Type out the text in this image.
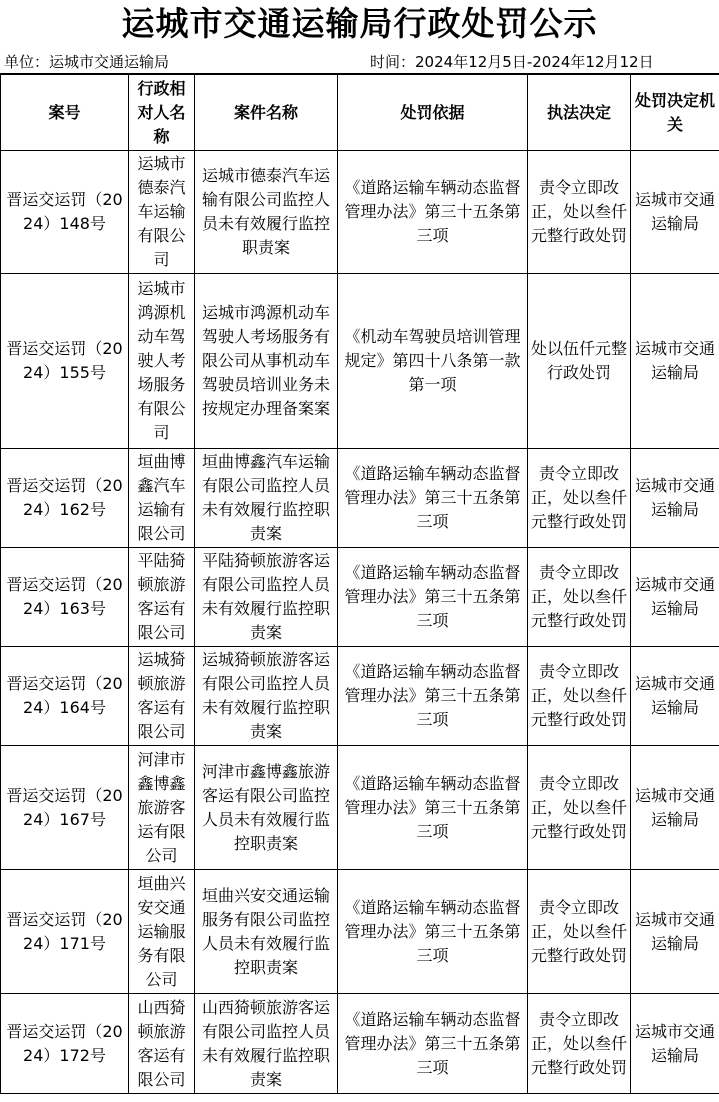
运城市交通运输局行政处罚公示
单位：运城市交通运输局	时间：2024年12月5日-2024年12月12日
案号	行政相对人名称	案件名称	处罚依据	执法决定	处罚决定机关
晋运交运罚（2024）148号	运城市德泰汽车运输有限公司	运城市德泰汽车运输有限公司监控人员未有效履行监控职责案	《道路运输车辆动态监督管理办法》第三十五条第三项	责令立即改正，处以叁仟元整行政处罚	运城市交通运输局
晋运交运罚（2024）155号	运城市鸿源机动车驾驶人考场服务有限公司	运城市鸿源机动车驾驶人考场服务有限公司从事机动车驾驶员培训业务未按规定办理备案案	《机动车驾驶员培训管理规定》第四十八条第一款第一项	处以伍仟元整行政处罚	运城市交通运输局
晋运交运罚（2024）162号	垣曲博鑫汽车运输有限公司	垣曲博鑫汽车运输有限公司监控人员未有效履行监控职责案	《道路运输车辆动态监督管理办法》第三十五条第三项	责令立即改正，处以叁仟元整行政处罚	运城市交通运输局
晋运交运罚（2024）163号	平陆猗顿旅游客运有限公司	平陆猗顿旅游客运有限公司监控人员未有效履行监控职责案	《道路运输车辆动态监督管理办法》第三十五条第三项	责令立即改正，处以叁仟元整行政处罚	运城市交通运输局
晋运交运罚（2024）164号	运城猗顿旅游客运有限公司	运城猗顿旅游客运有限公司监控人员未有效履行监控职责案	《道路运输车辆动态监督管理办法》第三十五条第三项	责令立即改正，处以叁仟元整行政处罚	运城市交通运输局
晋运交运罚（2024）167号	河津市鑫博鑫旅游客运有限公司	河津市鑫博鑫旅游客运有限公司监控人员未有效履行监控职责案	《道路运输车辆动态监督管理办法》第三十五条第三项	责令立即改正，处以叁仟元整行政处罚	运城市交通运输局
晋运交运罚（2024）171号	垣曲兴安交通运输服务有限公司	垣曲兴安交通运输服务有限公司监控人员未有效履行监控职责案	《道路运输车辆动态监督管理办法》第三十五条第三项	责令立即改正，处以叁仟元整行政处罚	运城市交通运输局
晋运交运罚（2024）172号	山西猗顿旅游客运有限公司	山西猗顿旅游客运有限公司监控人员未有效履行监控职责案	《道路运输车辆动态监督管理办法》第三十五条第三项	责令立即改正，处以叁仟元整行政处罚	运城市交通运输局
